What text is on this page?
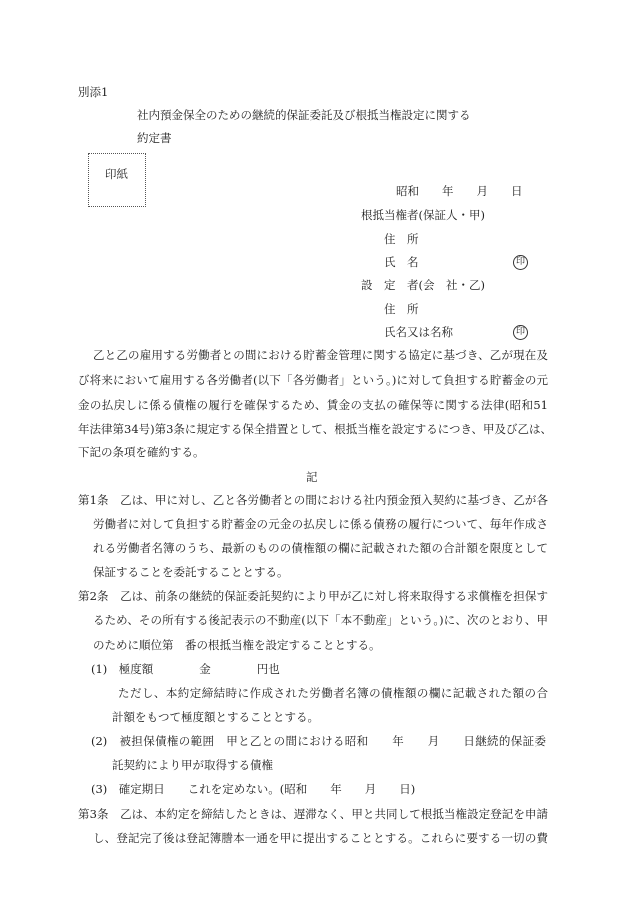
別添1
社内預金保全のための継続的保証委託及び根抵当権設定に関する
約定書
印紙
昭和　　年　　月　　日
根抵当権者(保証人・甲)
住　所
氏　名	印
設　定　者(会　社・乙)
住　所
氏名又は名称	印
乙と乙の雇用する労働者との間における貯蓄金管理に関する協定に基づき、乙が現在及
び将来において雇用する各労働者(以下「各労働者」という。)に対して負担する貯蓄金の元
金の払戻しに係る債権の履行を確保するため、賃金の支払の確保等に関する法律(昭和51
年法律第34号)第3条に規定する保全措置として、根抵当権を設定するにつき、甲及び乙は、
下記の条項を確約する。
記
第1条　乙は、甲に対し、乙と各労働者との間における社内預金預入契約に基づき、乙が各
労働者に対して負担する貯蓄金の元金の払戻しに係る債務の履行について、毎年作成さ
れる労働者名簿のうち、最新のものの債権額の欄に記載された額の合計額を限度として
保証することを委託することとする。
第2条　乙は、前条の継続的保証委託契約により甲が乙に対し将来取得する求償権を担保す
るため、その所有する後記表示の不動産(以下「本不動産」という。)に、次のとおり、甲
のために順位第　番の根抵当権を設定することとする。
(1)　極度額　　　　金　　　　円也
ただし、本約定締結時に作成された労働者名簿の債権額の欄に記載された額の合
計額をもつて極度額とすることとする。
(2)　被担保債権の範囲　甲と乙との間における昭和　　年　　月　　日継続的保証委
託契約により甲が取得する債権
(3)　確定期日　　これを定めない。(昭和　　年　　月　　日)
第3条　乙は、本約定を締結したときは、遅滞なく、甲と共同して根抵当権設定登記を申請
し、登記完了後は登記簿謄本一通を甲に提出することとする。これらに要する一切の費
